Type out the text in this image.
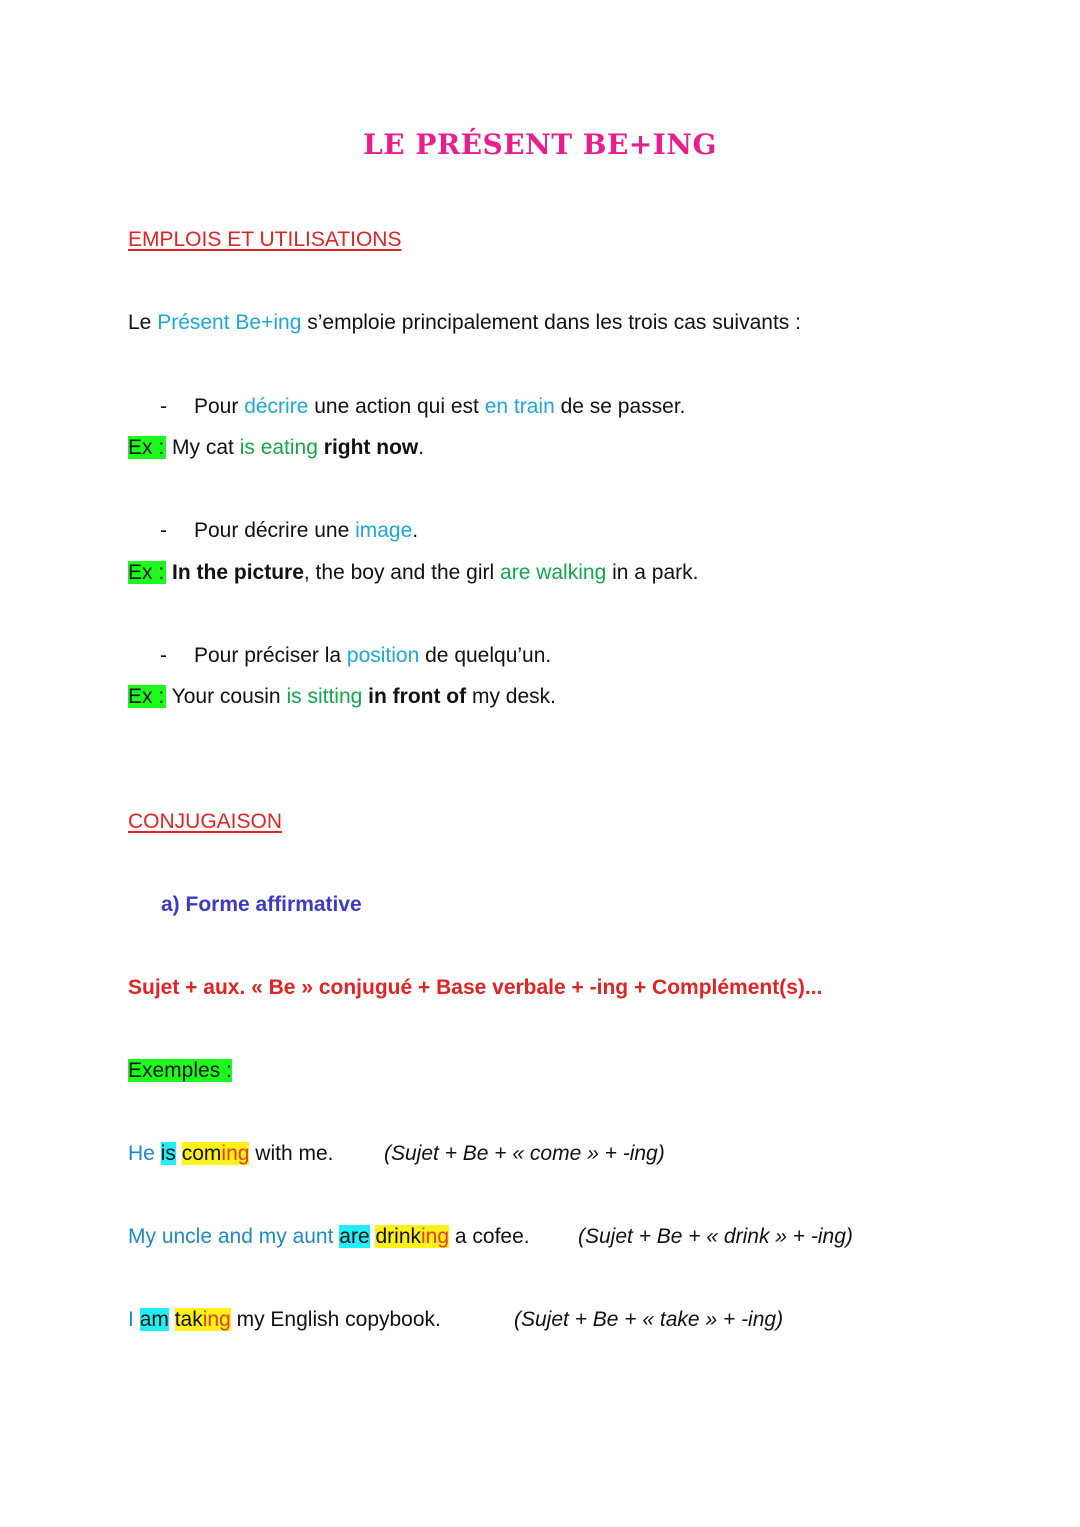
LE PRÉSENT BE+ING
EMPLOIS ET UTILISATIONS
Le Présent Be+ing s’emploie principalement dans les trois cas suivants :
- Pour décrire une action qui est en train de se passer.
Ex : My cat is eating right now.
- Pour décrire une image.
Ex : In the picture, the boy and the girl are walking in a park.
- Pour préciser la position de quelqu’un.
Ex : Your cousin is sitting in front of my desk.
CONJUGAISON
a) Forme affirmative
Sujet + aux. « Be » conjugué + Base verbale + -ing + Complément(s)...
Exemples :
He is coming with me. (Sujet + Be + « come » + -ing)
My uncle and my aunt are drinking a cofee. (Sujet + Be + « drink » + -ing)
I am taking my English copybook.	(Sujet + Be + « take » + -ing)
